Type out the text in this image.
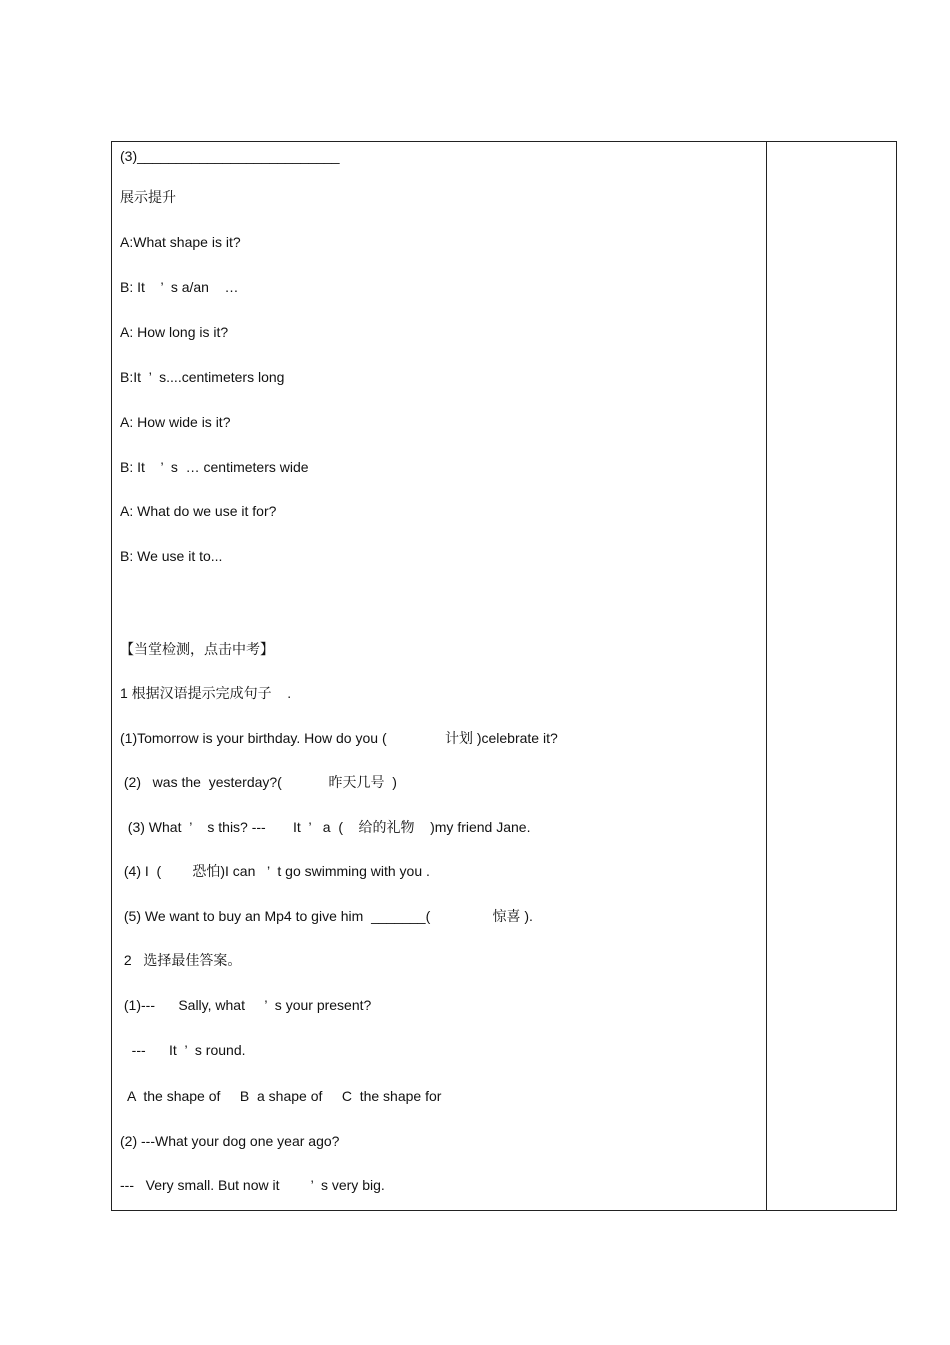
(3)__________________________
展示提升
A:What shape is it?
B: It    ’  s a/an    …
A: How long is it?
B:It  ’  s....centimeters long
A: How wide is it?
B: It    ’  s  … centimeters wide
A: What do we use it for?
B: We use it to...
【当堂检测，点击中考】
1 根据汉语提示完成句子    .
(1)Tomorrow is your birthday. How do you (               计划 )celebrate it?
(2)   was the  yesterday?(            昨天几号  )
(3) What  ’    s this? ---       It  ’   a  (    给的礼物    )my friend Jane.
(4) I  (        恐怕)I can   ’  t go swimming with you .
(5) We want to buy an Mp4 to give him  _______(                惊喜 ).
2   选择最佳答案。
(1)---      Sally, what     ’  s your present?
---      It  ’  s round.
A  the shape of     B  a shape of     C  the shape for
(2) ---What your dog one year ago?
---   Very small. But now it        ’  s very big.
